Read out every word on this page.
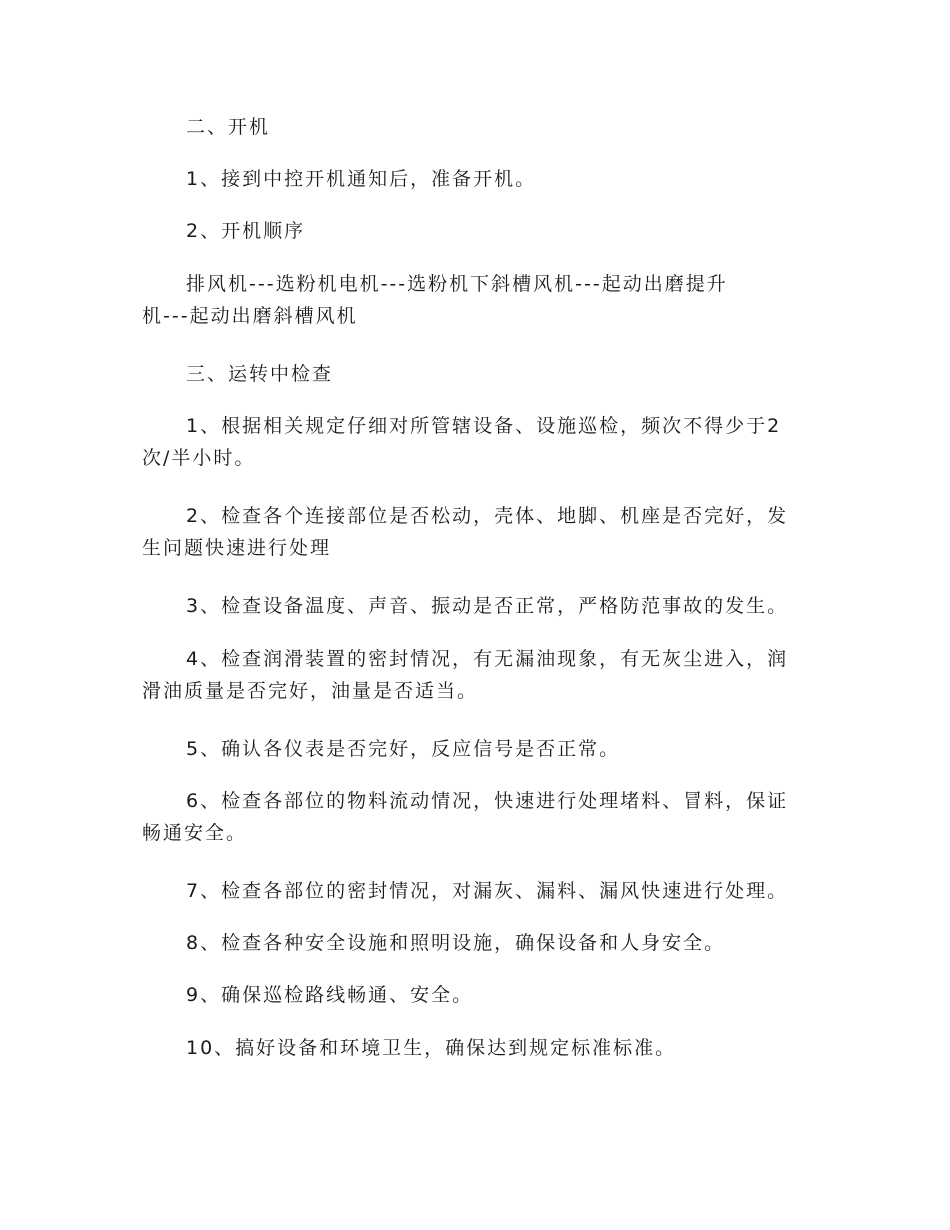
二、开机

1、接到中控开机通知后，准备开机。

2、开机顺序

排风机---选粉机电机---选粉机下斜槽风机---起动出磨提升
机---起动出磨斜槽风机

三、运转中检查

1、根据相关规定仔细对所管辖设备、设施巡检，频次不得少于2
次/半小时。

2、检查各个连接部位是否松动，壳体、地脚、机座是否完好，发
生问题快速进行处理

3、检查设备温度、声音、振动是否正常，严格防范事故的发生。

4、检查润滑装置的密封情况，有无漏油现象，有无灰尘进入，润
滑油质量是否完好，油量是否适当。

5、确认各仪表是否完好，反应信号是否正常。

6、检查各部位的物料流动情况，快速进行处理堵料、冒料，保证
畅通安全。

7、检查各部位的密封情况，对漏灰、漏料、漏风快速进行处理。

8、检查各种安全设施和照明设施，确保设备和人身安全。

9、确保巡检路线畅通、安全。

10、搞好设备和环境卫生，确保达到规定标准标准。
